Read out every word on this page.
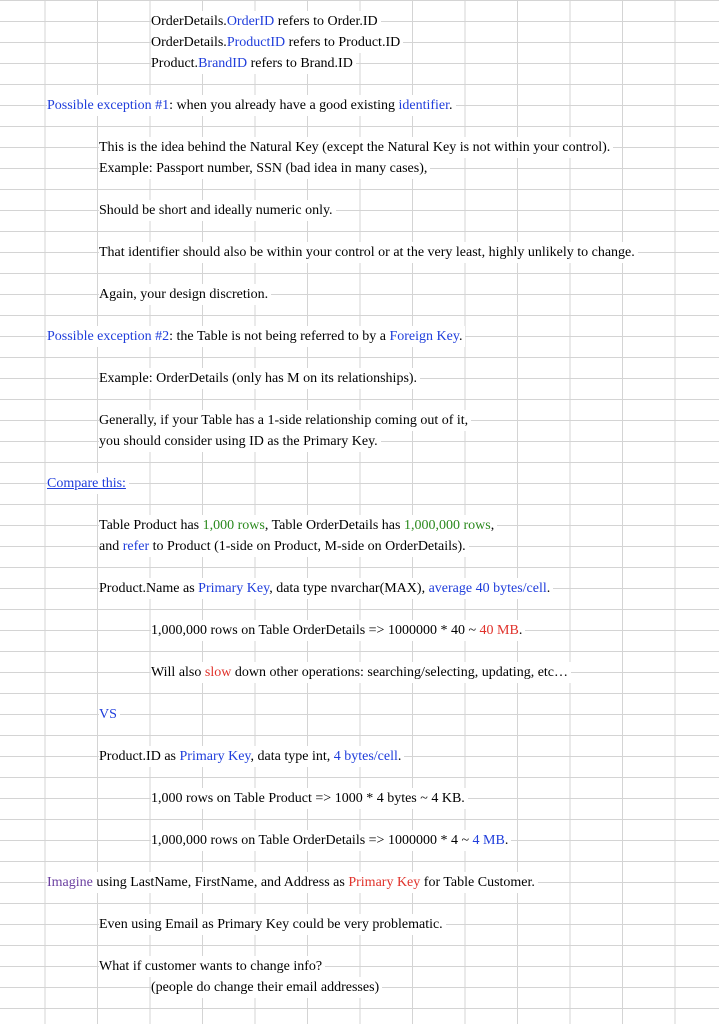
OrderDetails.OrderID refers to Order.ID
OrderDetails.ProductID refers to Product.ID
Product.BrandID refers to Brand.ID
Possible exception #1: when you already have a good existing identifier.
This is the idea behind the Natural Key (except the Natural Key is not within your control).
Example: Passport number, SSN (bad idea in many cases),
Should be short and ideally numeric only.
That identifier should also be within your control or at the very least, highly unlikely to change.
Again, your design discretion.
Possible exception #2: the Table is not being referred to by a Foreign Key.
Example: OrderDetails (only has M on its relationships).
Generally, if your Table has a 1-side relationship coming out of it,
you should consider using ID as the Primary Key.
Compare this:
Table Product has 1,000 rows, Table OrderDetails has 1,000,000 rows,
and refer to Product (1-side on Product, M-side on OrderDetails).
Product.Name as Primary Key, data type nvarchar(MAX), average 40 bytes/cell.
1,000,000 rows on Table OrderDetails => 1000000 * 40 ~ 40 MB.
Will also slow down other operations: searching/selecting, updating, etc…
VS
Product.ID as Primary Key, data type int, 4 bytes/cell.
1,000 rows on Table Product => 1000 * 4 bytes ~ 4 KB.
1,000,000 rows on Table OrderDetails => 1000000 * 4 ~ 4 MB.
Imagine using LastName, FirstName, and Address as Primary Key for Table Customer.
Even using Email as Primary Key could be very problematic.
What if customer wants to change info?
(people do change their email addresses)
